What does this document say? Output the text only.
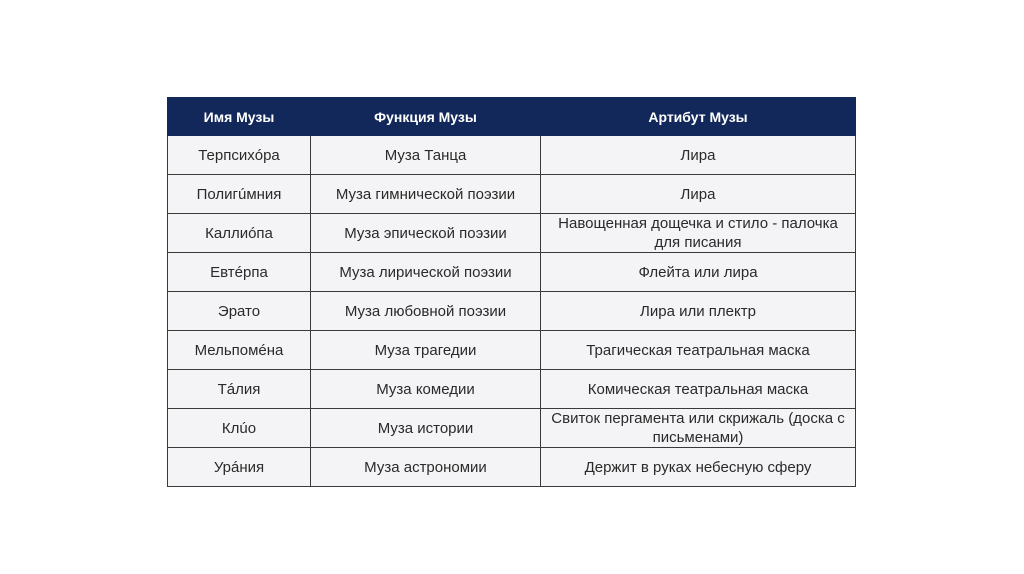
Имя Музы	Функция Музы	Артибут Музы
Терпсихóра	Муза Танца	Лира
Полигúмния	Муза гимнической поэзии	Лира
Каллиóпа	Муза эпической поэзии	Навощенная дощечка и стило - палочка для писания
Евтéрпа	Муза лирической поэзии	Флейта или лира
Эрато	Муза любовной поэзии	Лира или плектр
Мельпомéна	Муза трагедии	Трагическая театральная маска
Тáлия	Муза комедии	Комическая театральная маска
Клúо	Муза истории	Свиток пергамента или скрижаль (доска с письменами)
Урáния	Муза астрономии	Держит в руках небесную сферу
